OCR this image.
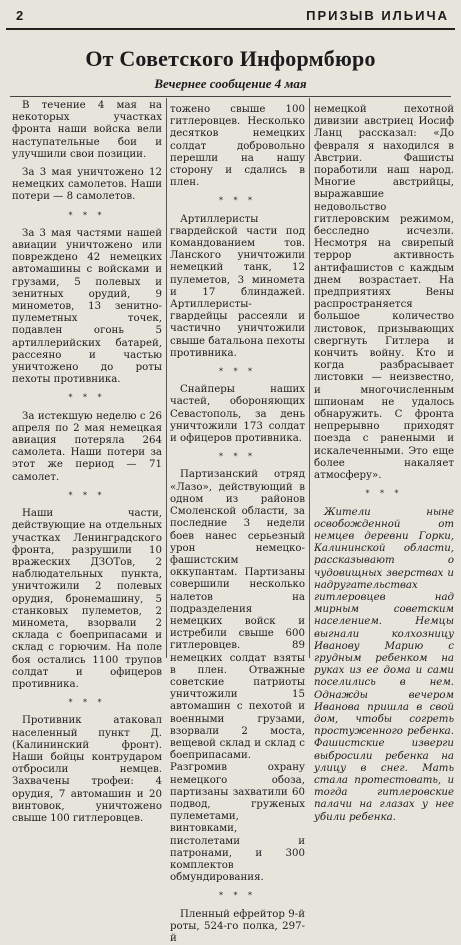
2	ПРИЗЫВ ИЛЬИЧА
От Советского Информбюро
Вечернее сообщение 4 мая

В течение 4 мая на некоторых участках фронта наши войска вели наступательные бои и улучшили свои позиции.

За 3 мая уничтожено 12 немецких самолетов. Наши потери — 8 самолетов.

* * *

За 3 мая частями нашей авиации уничтожено или повреждено 42 немецких автомашины с войсками и грузами, 5 полевых и зенитных орудий, 9 минометов, 13 зенитно-пулеметных точек, подавлен огонь 5 артиллерийских батарей, рассеяно и частью уничтожено до роты пехоты противника.

* * *

За истекшую неделю с 26 апреля по 2 мая немецкая авиация потеряла 264 самолета. Наши потери за этот же период — 71 самолет.

* * *

Наши части, действующие на отдельных участках Ленинградского фронта, разрушили 10 вражеских ДЗОТов, 2 наблюдательных пункта, уничтожили 2 полевых орудия, бронемашину, 5 станковых пулеметов, 2 миномета, взорвали 2 склада с боеприпасами и склад с горючим. На поле боя остались 1100 трупов солдат и офицеров противника.

* * *

Противник атаковал населенный пункт Д. (Калининский фронт). Наши бойцы контрударом отбросили немцев. Захвачены трофеи: 4 орудия, 7 автомашин и 20 винтовок, уничтожено свыше 100 гитлеровцев.

тожено свыше 100 гитлеровцев. Несколько десятков немецких солдат добровольно перешли на нашу сторону и сдались в плен.

* * *

Артиллеристы гвардейской части под командованием тов. Ланского уничтожили немецкий танк, 12 пулеметов, 3 миномета и 17 блиндажей. Артиллеристы-гвардейцы рассеяли и частично уничтожили свыше батальона пехоты противника.

* * *

Снайперы наших частей, обороняющих Севастополь, за день уничтожили 173 солдат и офицеров противника.

* * *

Партизанский отряд «Лазо», действующий в одном из районов Смоленской области, за последние 3 недели боев нанес серьезный урон немецко-фашистским оккупантам. Партизаны совершили несколько налетов на подразделения немецких войск и истребили свыше 600 гитлеровцев. 89 немецких солдат взяты в плен. Отважные советские патриоты уничтожили 15 автомашин с пехотой и военными грузами, взорвали 2 моста, вещевой склад и склад с боеприпасами. Разгромив охрану немецкого обоза, партизаны захватили 60 подвод, груженых пулеметами, винтовками, пистолетами и патронами, и 300 комплектов обмундирования.

* * *

Пленный ефрейтор 9-й роты, 524-го полка, 297-й

немецкой пехотной дивизии австриец Иосиф Ланц рассказал: «До февраля я находился в Австрии. Фашисты поработили наш народ. Многие австрийцы, выражавшие недовольство гитлеровским режимом, бесследно исчезли. Несмотря на свирепый террор активность антифашистов с каждым днем возрастает. На предприятиях Вены распространяется большое количество листовок, призывающих свергнуть Гитлера и кончить войну. Кто и когда разбрасывает листовки — неизвестно, и многочисленным шпионам не удалось обнаружить. С фронта непрерывно приходят поезда с ранеными и искалеченными. Это еще более накаляет атмосферу».

* * *

Жители ныне освобожденной от немцев деревни Горки, Калининской области, рассказывают о чудовищных зверствах и надругательствах гитлеровцев над мирным советским населением. Немцы выгнали колхозницу Иванову Марию с грудным ребенком на руках из ее дома и сами поселились в нем. Однажды вечером Иванова пришла в свой дом, чтобы согреть простуженного ребенка. Фашистские изверги выбросили ребенка на улицу в снег. Мать стала протестовать, и тогда гитлеровские палачи на глазах у нее убили ребенка.
